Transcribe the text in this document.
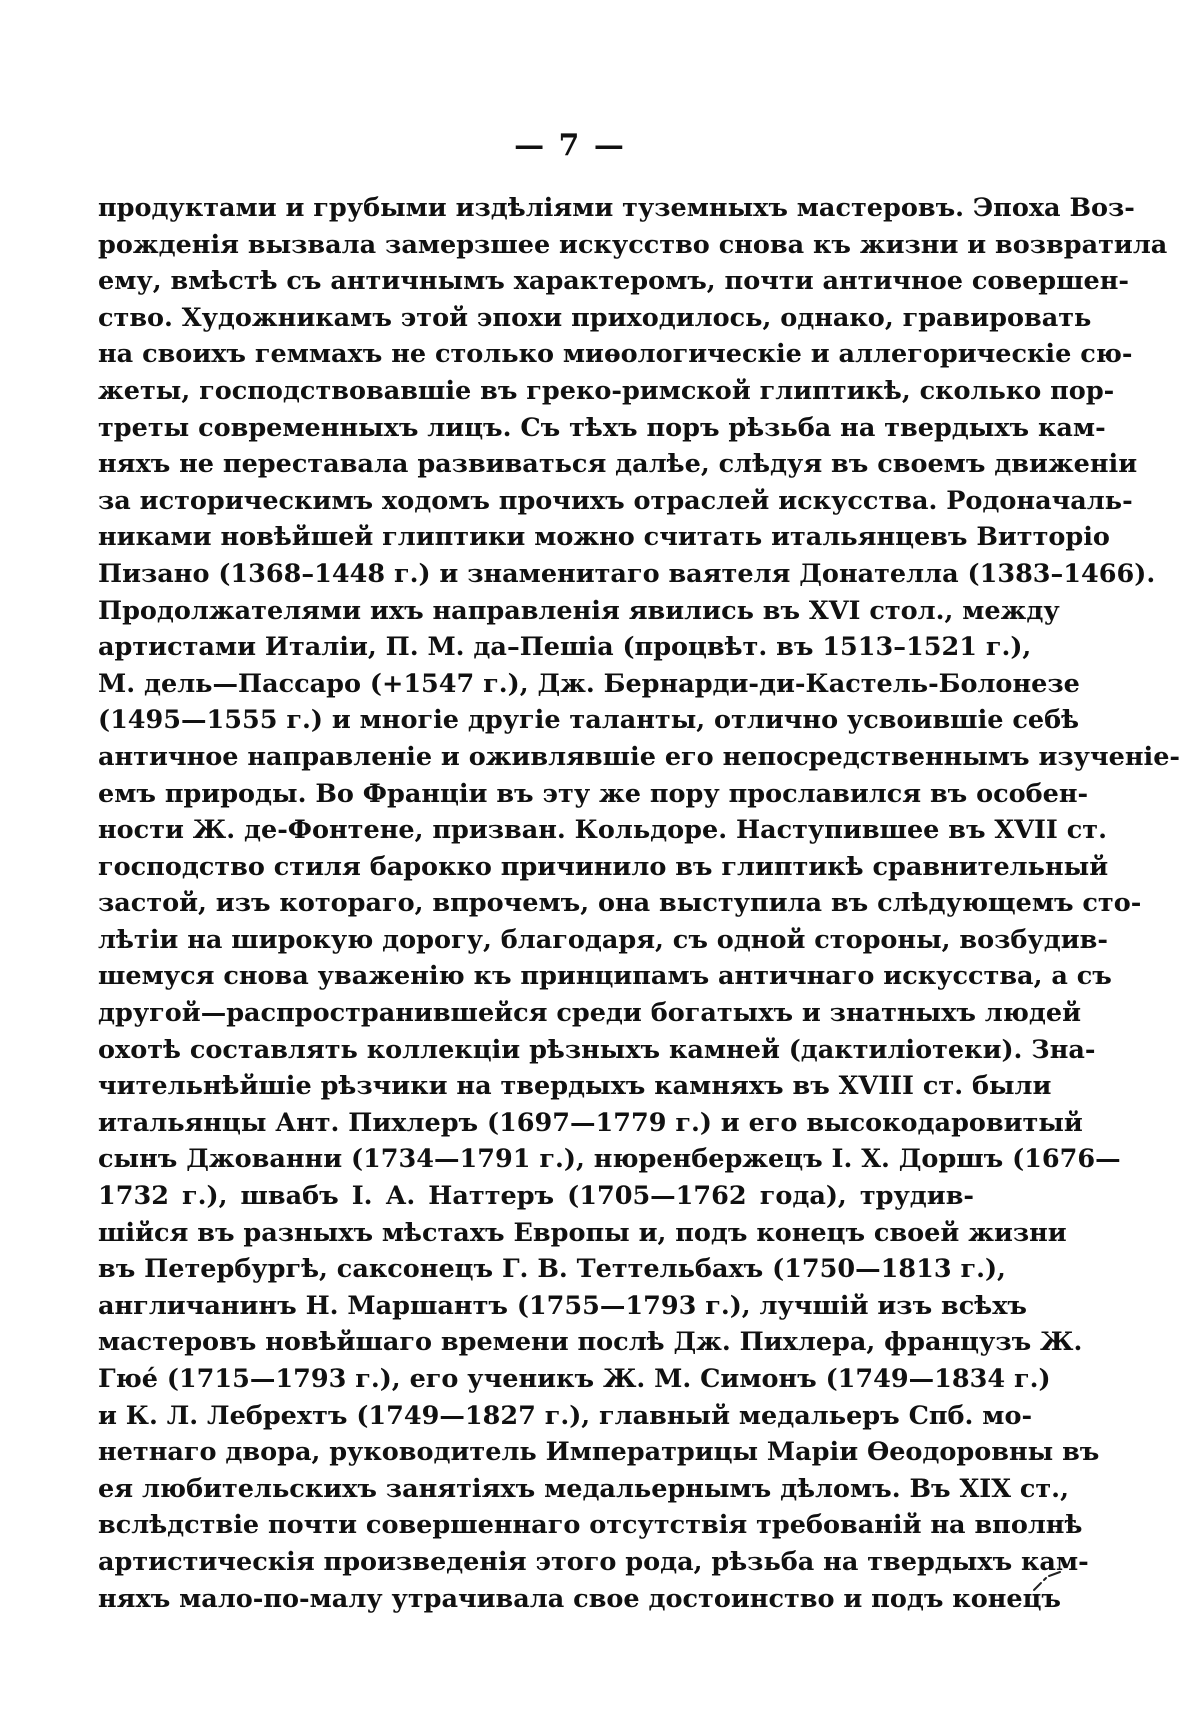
— 7 —
продуктами и грубыми издѣліями туземныхъ мастеровъ. Эпоха Воз-
рожденія вызвала замерзшее искусство снова къ жизни и возвратила
ему, вмѣстѣ съ античнымъ характеромъ, почти античное совершен-
ство. Художникамъ этой эпохи приходилось, однако, гравировать
на своихъ геммахъ не столько миѳологическіе и аллегорическіе сю-
жеты, господствовавшіе въ греко-римской глиптикѣ, сколько пор-
треты современныхъ лицъ. Съ тѣхъ поръ рѣзьба на твердыхъ кам-
няхъ не переставала развиваться далѣе, слѣдуя въ своемъ движеніи
за историческимъ ходомъ прочихъ отраслей искусства. Родоначаль-
никами новѣйшей глиптики можно считать итальянцевъ Витторіо
Пизано (1368–1448 г.) и знаменитаго ваятеля Донателла (1383–1466).
Продолжателями ихъ направленія явились въ XVI стол., между
артистами Италіи, П. М. да–Пешіа (процвѣт. въ 1513–1521 г.),
М. дель—Пассаро (+1547 г.), Дж. Бернарди-ди-Кастель-Болонезе
(1495—1555 г.) и многіе другіе таланты, отлично усвоившіе себѣ
античное направленіе и оживлявшіе его непосредственнымъ изученіе-
емъ природы. Во Франціи въ эту же пору прославился въ особен-
ности Ж. де-Фонтене, призван. Кольдоре. Наступившее въ XVII ст.
господство стиля барокко причинило въ глиптикѣ сравнительный
застой, изъ котораго, впрочемъ, она выступила въ слѣдующемъ сто-
лѣтіи на широкую дорогу, благодаря, съ одной стороны, возбудив-
шемуся снова уваженію къ принципамъ античнаго искусства, а съ
другой—распространившейся среди богатыхъ и знатныхъ людей
охотѣ составлять коллекціи рѣзныхъ камней (дактиліотеки). Зна-
чительнѣйшіе рѣзчики на твердыхъ камняхъ въ XVIII ст. были
итальянцы Ант. Пихлеръ (1697—1779 г.) и его высокодаровитый
сынъ Джованни (1734—1791 г.), нюренбержецъ І. Х. Доршъ (1676—
1732 г.), швабъ І. А. Наттеръ (1705—1762 года), трудив-
шійся въ разныхъ мѣстахъ Европы и, подъ конецъ своей жизни
въ Петербургѣ, саксонецъ Г. В. Теттельбахъ (1750—1813 г.),
англичанинъ Н. Маршантъ (1755—1793 г.), лучшій изъ всѣхъ
мастеровъ новѣйшаго времени послѣ Дж. Пихлера, французъ Ж.
Гюé (1715—1793 г.), его ученикъ Ж. М. Симонъ (1749—1834 г.)
и К. Л. Лебрехтъ (1749—1827 г.), главный медальеръ Спб. мо-
нетнаго двора, руководитель Императрицы Маріи Ѳеодоровны въ
ея любительскихъ занятіяхъ медальернымъ дѣломъ. Въ XIX ст.,
вслѣдствіе почти совершеннаго отсутствія требованій на вполнѣ
артистическія произведенія этого рода, рѣзьба на твердыхъ кам-
няхъ мало-по-малу утрачивала свое достоинство и подъ конецъ
